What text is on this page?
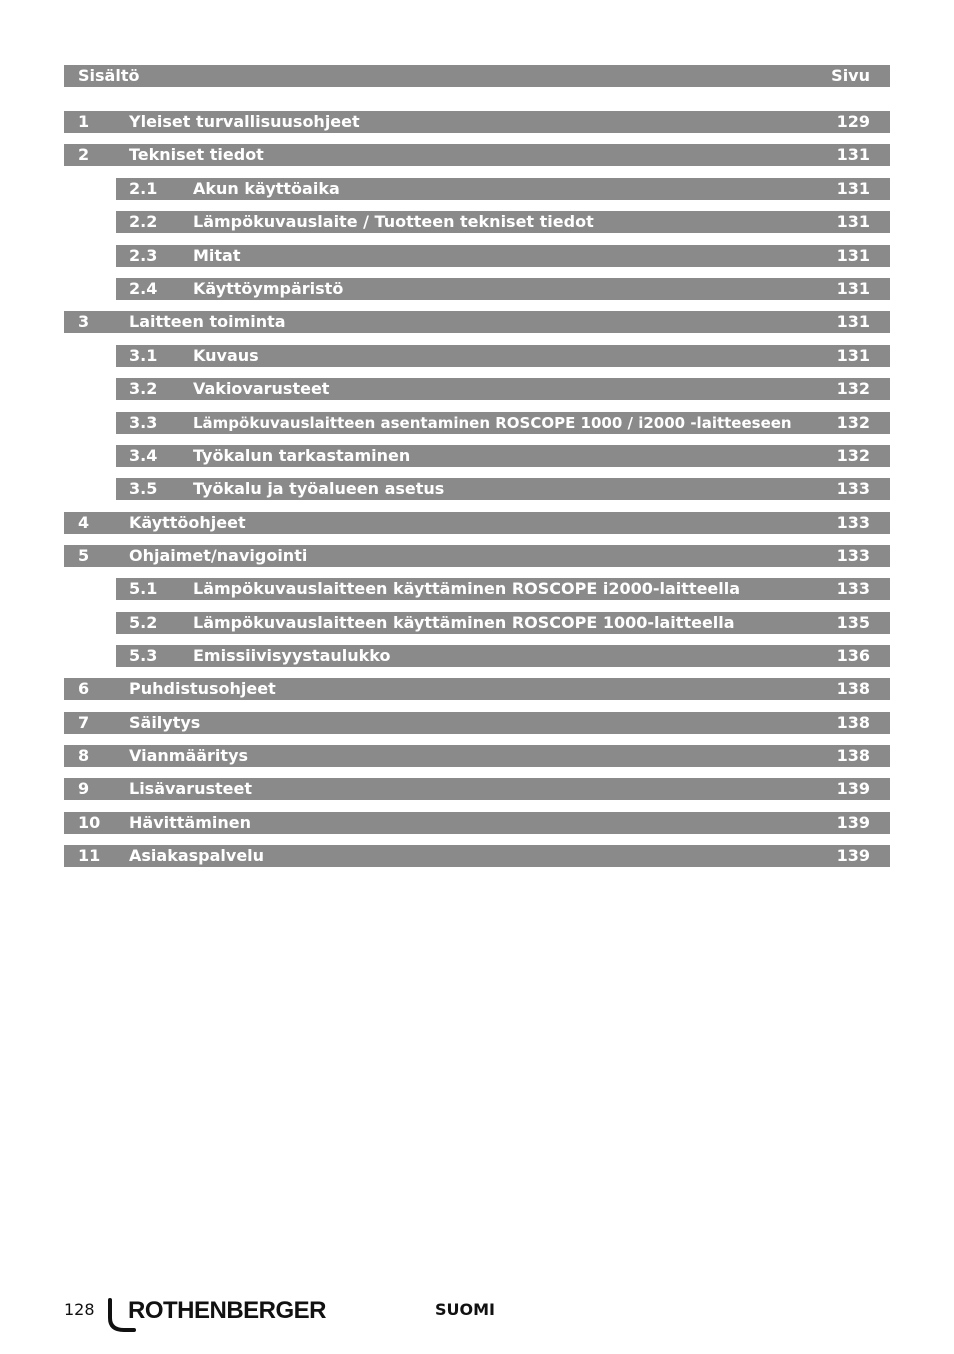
Sisältö	Sivu
1 Yleiset turvallisuusohjeet	129
2 Tekniset tiedot	131
2.1 Akun käyttöaika	131
2.2 Lämpökuvauslaite / Tuotteen tekniset tiedot	131
2.3 Mitat	131
2.4 Käyttöympäristö	131
3 Laitteen toiminta	131
3.1 Kuvaus	131
3.2 Vakiovarusteet	132
3.3 Lämpökuvauslaitteen asentaminen ROSCOPE 1000 / i2000 -laitteeseen	132
3.4 Työkalun tarkastaminen	132
3.5 Työkalu ja työalueen asetus	133
4 Käyttöohjeet	133
5 Ohjaimet/navigointi	133
5.1 Lämpökuvauslaitteen käyttäminen ROSCOPE i2000-laitteella	133
5.2 Lämpökuvauslaitteen käyttäminen ROSCOPE 1000-laitteella	135
5.3 Emissiivisyystaulukko	136
6 Puhdistusohjeet	138
7 Säilytys	138
8 Vianmääritys	138
9 Lisävarusteet	139
10 Hävittäminen	139
11 Asiakaspalvelu	139
128 ROTHENBERGER	SUOMI
